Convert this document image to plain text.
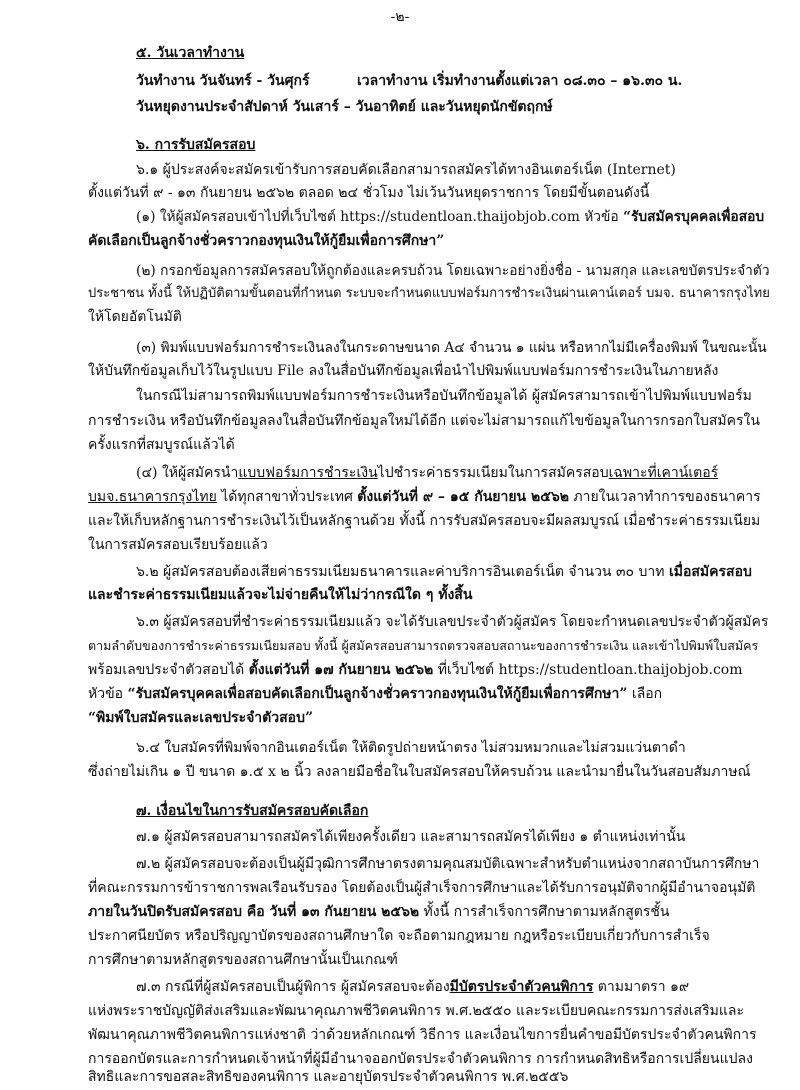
-๒-
๕. วันเวลาทำงาน
วันทำงาน วันจันทร์ - วันศุกร์	เวลาทำงาน เริ่มทำงานตั้งแต่เวลา ๐๘.๓๐ – ๑๖.๓๐ น.
วันหยุดงานประจำสัปดาห์ วันเสาร์ – วันอาทิตย์ และวันหยุดนักขัตฤกษ์
๖. การรับสมัครสอบ
๖.๑ ผู้ประสงค์จะสมัครเข้ารับการสอบคัดเลือกสามารถสมัครได้ทางอินเตอร์เน็ต (Internet)
ตั้งแต่วันที่ ๙ - ๑๓ กันยายน ๒๕๖๒ ตลอด ๒๔ ชั่วโมง ไม่เว้นวันหยุดราชการ โดยมีขั้นตอนดังนี้
(๑) ให้ผู้สมัครสอบเข้าไปที่เว็บไซต์ https://studentloan.thaijobjob.com หัวข้อ “รับสมัครบุคคลเพื่อสอบ
คัดเลือกเป็นลูกจ้างชั่วคราวกองทุนเงินให้กู้ยืมเพื่อการศึกษา”
(๒) กรอกข้อมูลการสมัครสอบให้ถูกต้องและครบถ้วน โดยเฉพาะอย่างยิ่งชื่อ - นามสกุล และเลขบัตรประจำตัว
ประชาชน ทั้งนี้ ให้ปฏิบัติตามขั้นตอนที่กำหนด ระบบจะกำหนดแบบฟอร์มการชำระเงินผ่านเคาน์เตอร์ บมจ. ธนาคารกรุงไทย
ให้โดยอัตโนมัติ
(๓) พิมพ์แบบฟอร์มการชำระเงินลงในกระดาษขนาด A๔ จำนวน ๑ แผ่น หรือหากไม่มีเครื่องพิมพ์ ในขณะนั้น
ให้บันทึกข้อมูลเก็บไว้ในรูปแบบ File ลงในสื่อบันทึกข้อมูลเพื่อนำไปพิมพ์แบบฟอร์มการชำระเงินในภายหลัง
ในกรณีไม่สามารถพิมพ์แบบฟอร์มการชำระเงินหรือบันทึกข้อมูลได้ ผู้สมัครสามารถเข้าไปพิมพ์แบบฟอร์ม
การชำระเงิน หรือบันทึกข้อมูลลงในสื่อบันทึกข้อมูลใหม่ได้อีก แต่จะไม่สามารถแก้ไขข้อมูลในการกรอกใบสมัครใน
ครั้งแรกที่สมบูรณ์แล้วได้
(๔) ให้ผู้สมัครนำแบบฟอร์มการชำระเงินไปชำระค่าธรรมเนียมในการสมัครสอบเฉพาะที่เคาน์เตอร์
บมจ.ธนาคารกรุงไทย ได้ทุกสาขาทั่วประเทศ ตั้งแต่วันที่ ๙ – ๑๕ กันยายน ๒๕๖๒ ภายในเวลาทำการของธนาคาร
และให้เก็บหลักฐานการชำระเงินไว้เป็นหลักฐานด้วย ทั้งนี้ การรับสมัครสอบจะมีผลสมบูรณ์ เมื่อชำระค่าธรรมเนียม
ในการสมัครสอบเรียบร้อยแล้ว
๖.๒ ผู้สมัครสอบต้องเสียค่าธรรมเนียมธนาคารและค่าบริการอินเตอร์เน็ต จำนวน ๓๐ บาท เมื่อสมัครสอบ
และชำระค่าธรรมเนียมแล้วจะไม่จ่ายคืนให้ไม่ว่ากรณีใด ๆ ทั้งสิ้น
๖.๓ ผู้สมัครสอบที่ชำระค่าธรรมเนียมแล้ว จะได้รับเลขประจำตัวผู้สมัคร โดยจะกำหนดเลขประจำตัวผู้สมัคร
ตามลำดับของการชำระค่าธรรมเนียมสอบ ทั้งนี้ ผู้สมัครสอบสามารถตรวจสอบสถานะของการชำระเงิน และเข้าไปพิมพ์ใบสมัคร
พร้อมเลขประจำตัวสอบได้ ตั้งแต่วันที่ ๑๗ กันยายน ๒๕๖๒ ที่เว็บไซต์ https://studentloan.thaijobjob.com
หัวข้อ “รับสมัครบุคคลเพื่อสอบคัดเลือกเป็นลูกจ้างชั่วคราวกองทุนเงินให้กู้ยืมเพื่อการศึกษา” เลือก
“พิมพ์ใบสมัครและเลขประจำตัวสอบ”
๖.๔ ใบสมัครที่พิมพ์จากอินเตอร์เน็ต ให้ติดรูปถ่ายหน้าตรง ไม่สวมหมวกและไม่สวมแว่นตาดำ
ซึ่งถ่ายไม่เกิน ๑ ปี ขนาด ๑.๕ x ๒ นิ้ว ลงลายมือชื่อในใบสมัครสอบให้ครบถ้วน และนำมายื่นในวันสอบสัมภาษณ์
๗. เงื่อนไขในการรับสมัครสอบคัดเลือก
๗.๑ ผู้สมัครสอบสามารถสมัครได้เพียงครั้งเดียว และสามารถสมัครได้เพียง ๑ ตำแหน่งเท่านั้น
๗.๒ ผู้สมัครสอบจะต้องเป็นผู้มีวุฒิการศึกษาตรงตามคุณสมบัติเฉพาะสำหรับตำแหน่งจากสถาบันการศึกษา
ที่คณะกรรมการข้าราชการพลเรือนรับรอง โดยต้องเป็นผู้สำเร็จการศึกษาและได้รับการอนุมัติจากผู้มีอำนาจอนุมัติ
ภายในวันปิดรับสมัครสอบ คือ วันที่ ๑๓ กันยายน ๒๕๖๒ ทั้งนี้ การสำเร็จการศึกษาตามหลักสูตรชั้น
ประกาศนียบัตร หรือปริญญาบัตรของสถานศึกษาใด จะถือตามกฎหมาย กฎหรือระเบียบเกี่ยวกับการสำเร็จ
การศึกษาตามหลักสูตรของสถานศึกษานั้นเป็นเกณฑ์
๗.๓ กรณีที่ผู้สมัครสอบเป็นผู้พิการ ผู้สมัครสอบจะต้องมีบัตรประจำตัวคนพิการ ตามมาตรา ๑๙
แห่งพระราชบัญญัติส่งเสริมและพัฒนาคุณภาพชีวิตคนพิการ พ.ศ.๒๕๕๐ และระเบียบคณะกรรมการส่งเสริมและ
พัฒนาคุณภาพชีวิตคนพิการแห่งชาติ ว่าด้วยหลักเกณฑ์ วิธีการ และเงื่อนไขการยื่นคำขอมีบัตรประจำตัวคนพิการ
การออกบัตรและการกำหนดเจ้าหน้าที่ผู้มีอำนาจออกบัตรประจำตัวคนพิการ การกำหนดสิทธิหรือการเปลี่ยนแปลง
สิทธิและการขอสละสิทธิของคนพิการ และอายุบัตรประจำตัวคนพิการ พ.ศ.๒๕๕๖
